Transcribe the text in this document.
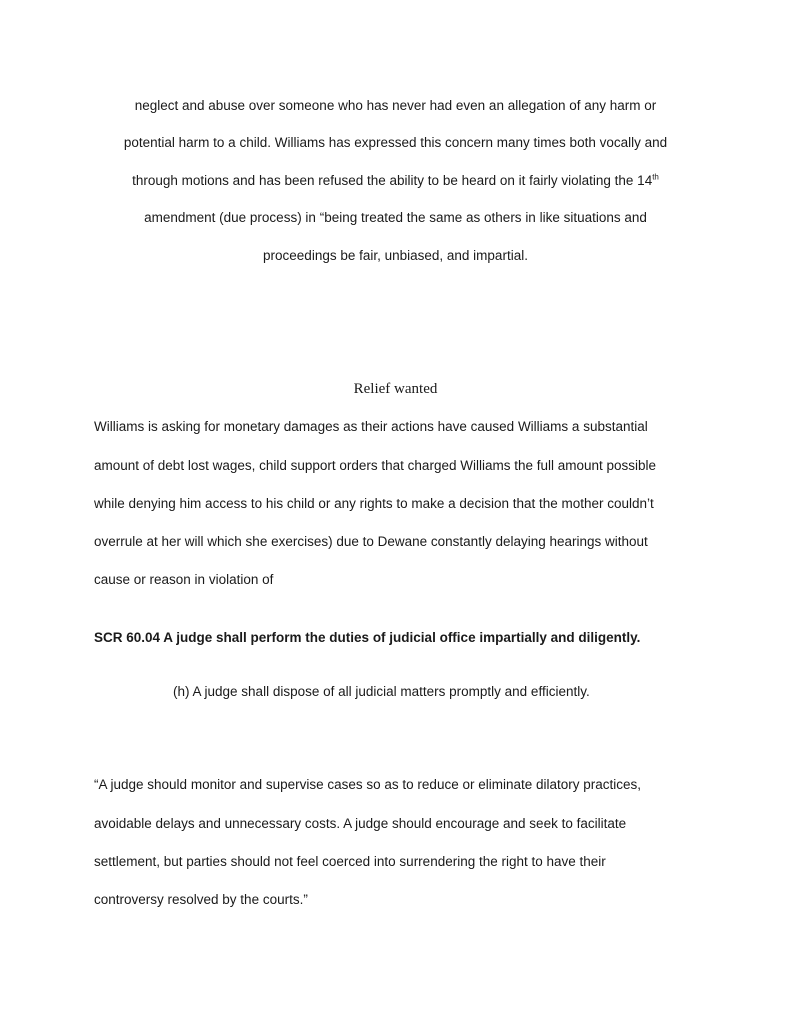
neglect and abuse over someone who has never had even an allegation of any harm or
potential harm to a child. Williams has expressed this concern many times both vocally and
through motions and has been refused the ability to be heard on it fairly violating the 14th
amendment (due process) in “being treated the same as others in like situations and
proceedings be fair, unbiased, and impartial.
Relief wanted
Williams is asking for monetary damages as their actions have caused Williams a substantial
amount of debt lost wages, child support orders that charged Williams the full amount possible
while denying him access to his child or any rights to make a decision that the mother couldn’t
overrule at her will which she exercises) due to Dewane constantly delaying hearings without
cause or reason in violation of
SCR 60.04 A judge shall perform the duties of judicial office impartially and diligently.
(h) A judge shall dispose of all judicial matters promptly and efficiently.
“A judge should monitor and supervise cases so as to reduce or eliminate dilatory practices,
avoidable delays and unnecessary costs. A judge should encourage and seek to facilitate
settlement, but parties should not feel coerced into surrendering the right to have their
controversy resolved by the courts.”
